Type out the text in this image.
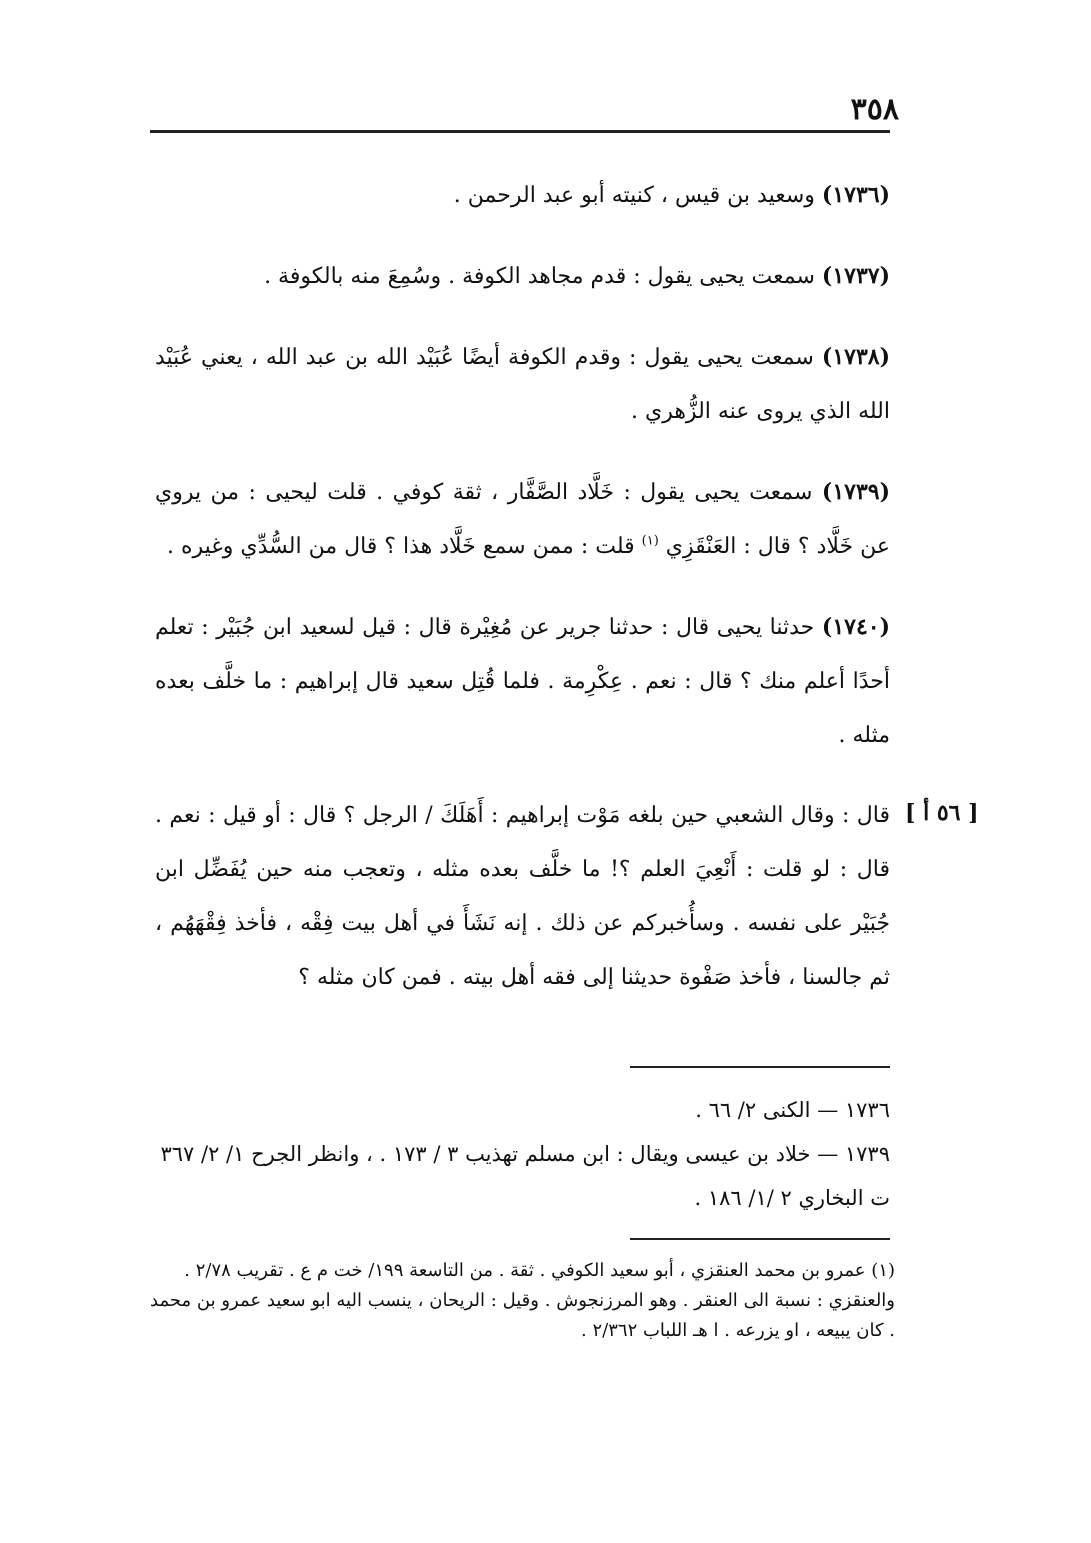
٣٥٨

(١٧٣٦) وسعيد بن قيس ، كنيته أبو عبد الرحمن .

(١٧٣٧) سمعت يحيى يقول : قدم مجاهد الكوفة . وسُمِعَ منه بالكوفة .

(١٧٣٨) سمعت يحيى يقول : وقدم الكوفة أيضًا عُبَيْد الله بن عبد الله ، يعني عُبَيْد الله الذي يروى عنه الزُّهري .

(١٧٣٩) سمعت يحيى يقول : خَلَّاد الصَّفَّار ، ثقة كوفي . قلت ليحيى : من يروي عن خَلَّاد ؟ قال : العَنْقَزِي $^{(١)}$ قلت : ممن سمع خَلَّاد هذا ؟ قال من السُّدِّي وغيره .

(١٧٤٠) حدثنا يحيى قال : حدثنا جرير عن مُغِيْرة قال : قيل لسعيد ابن جُبَيْر : تعلم أحدًا أعلم منك ؟ قال : نعم . عِكْرِمة . فلما قُتِل سعيد قال إبراهيم : ما خلَّف بعده مثله .

قال : وقال الشعبي حين بلغه مَوْت إبراهيم : أَهَلَكَ / الرجل ؟ قال : أو قيل : نعم . قال : لو قلت : أَنْعِيَ العلم ؟! ما خلَّف بعده مثله ، وتعجب منه حين يُفَضِّل ابن جُبَيْر على نفسه . وسأُخبركم عن ذلك . إنه نَشَأَ في أهل بيت فِقْه ، فأخذ فِقْهَهُم ، ثم جالسنا ، فأخذ صَفْوة حديثنا إلى فقه أهل بيته . فمن كان مثله ؟

[ ٥٦ أ ]

١٧٣٦ — الكنى ٢/ ٦٦ .

١٧٣٩ — خلاد بن عيسى ويقال : ابن مسلم تهذيب ٣ / ١٧٣ . ، وانظر الجرح ١/ ٢/ ٣٦٧ ت البخاري ٢ /١/ ١٨٦ .

(١) عمرو بن محمد العنقزي ، أبو سعيد الكوفي . ثقة . من التاسعة ١٩٩/ خت م ع . تقريب ٢/٧٨ .

والعنقزي : نسبة الى العنقر . وهو المرزنجوش . وقيل : الريحان ، ينسب اليه ابو سعيد عمرو بن محمد . كان يبيعه ، او يزرعه . ا هـ اللباب ٢/٣٦٢ .
